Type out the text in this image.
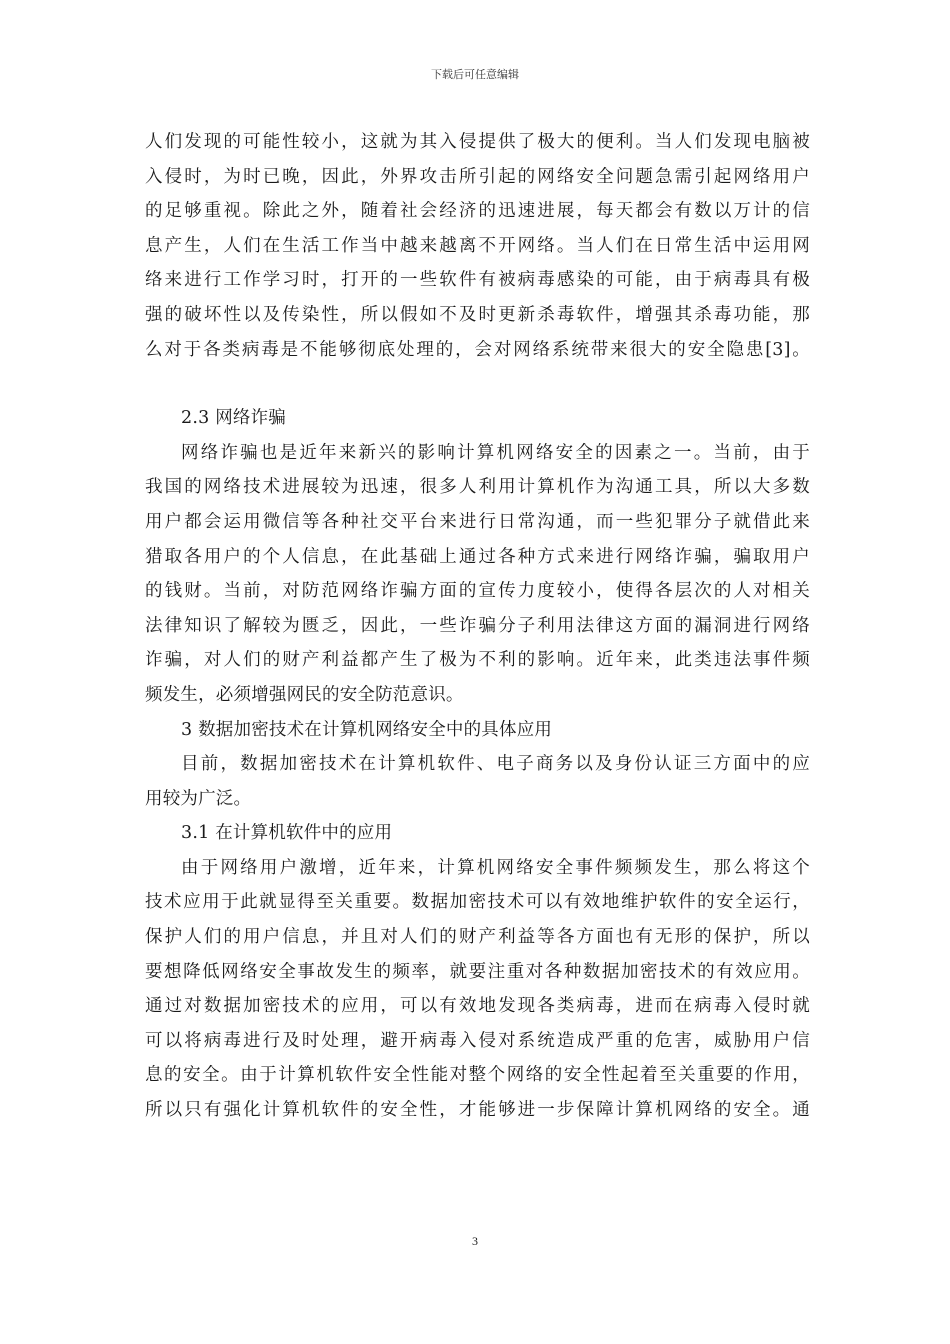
下载后可任意编辑
人们发现的可能性较小，这就为其入侵提供了极大的便利。当人们发现电脑被
入侵时，为时已晚，因此，外界攻击所引起的网络安全问题急需引起网络用户
的足够重视。除此之外，随着社会经济的迅速进展，每天都会有数以万计的信
息产生，人们在生活工作当中越来越离不开网络。当人们在日常生活中运用网
络来进行工作学习时，打开的一些软件有被病毒感染的可能，由于病毒具有极
强的破坏性以及传染性，所以假如不及时更新杀毒软件，增强其杀毒功能，那
么对于各类病毒是不能够彻底处理的，会对网络系统带来很大的安全隐患[3]。
2.3 网络诈骗
网络诈骗也是近年来新兴的影响计算机网络安全的因素之一。当前，由于
我国的网络技术进展较为迅速，很多人利用计算机作为沟通工具，所以大多数
用户都会运用微信等各种社交平台来进行日常沟通，而一些犯罪分子就借此来
猎取各用户的个人信息，在此基础上通过各种方式来进行网络诈骗，骗取用户
的钱财。当前，对防范网络诈骗方面的宣传力度较小，使得各层次的人对相关
法律知识了解较为匮乏，因此，一些诈骗分子利用法律这方面的漏洞进行网络
诈骗，对人们的财产利益都产生了极为不利的影响。近年来，此类违法事件频
频发生，必须增强网民的安全防范意识。
3 数据加密技术在计算机网络安全中的具体应用
目前，数据加密技术在计算机软件、电子商务以及身份认证三方面中的应
用较为广泛。
3.1 在计算机软件中的应用
由于网络用户激增，近年来，计算机网络安全事件频频发生，那么将这个
技术应用于此就显得至关重要。数据加密技术可以有效地维护软件的安全运行，
保护人们的用户信息，并且对人们的财产利益等各方面也有无形的保护，所以
要想降低网络安全事故发生的频率，就要注重对各种数据加密技术的有效应用。
通过对数据加密技术的应用，可以有效地发现各类病毒，进而在病毒入侵时就
可以将病毒进行及时处理，避开病毒入侵对系统造成严重的危害，威胁用户信
息的安全。由于计算机软件安全性能对整个网络的安全性起着至关重要的作用，
所以只有强化计算机软件的安全性，才能够进一步保障计算机网络的安全。通
3
